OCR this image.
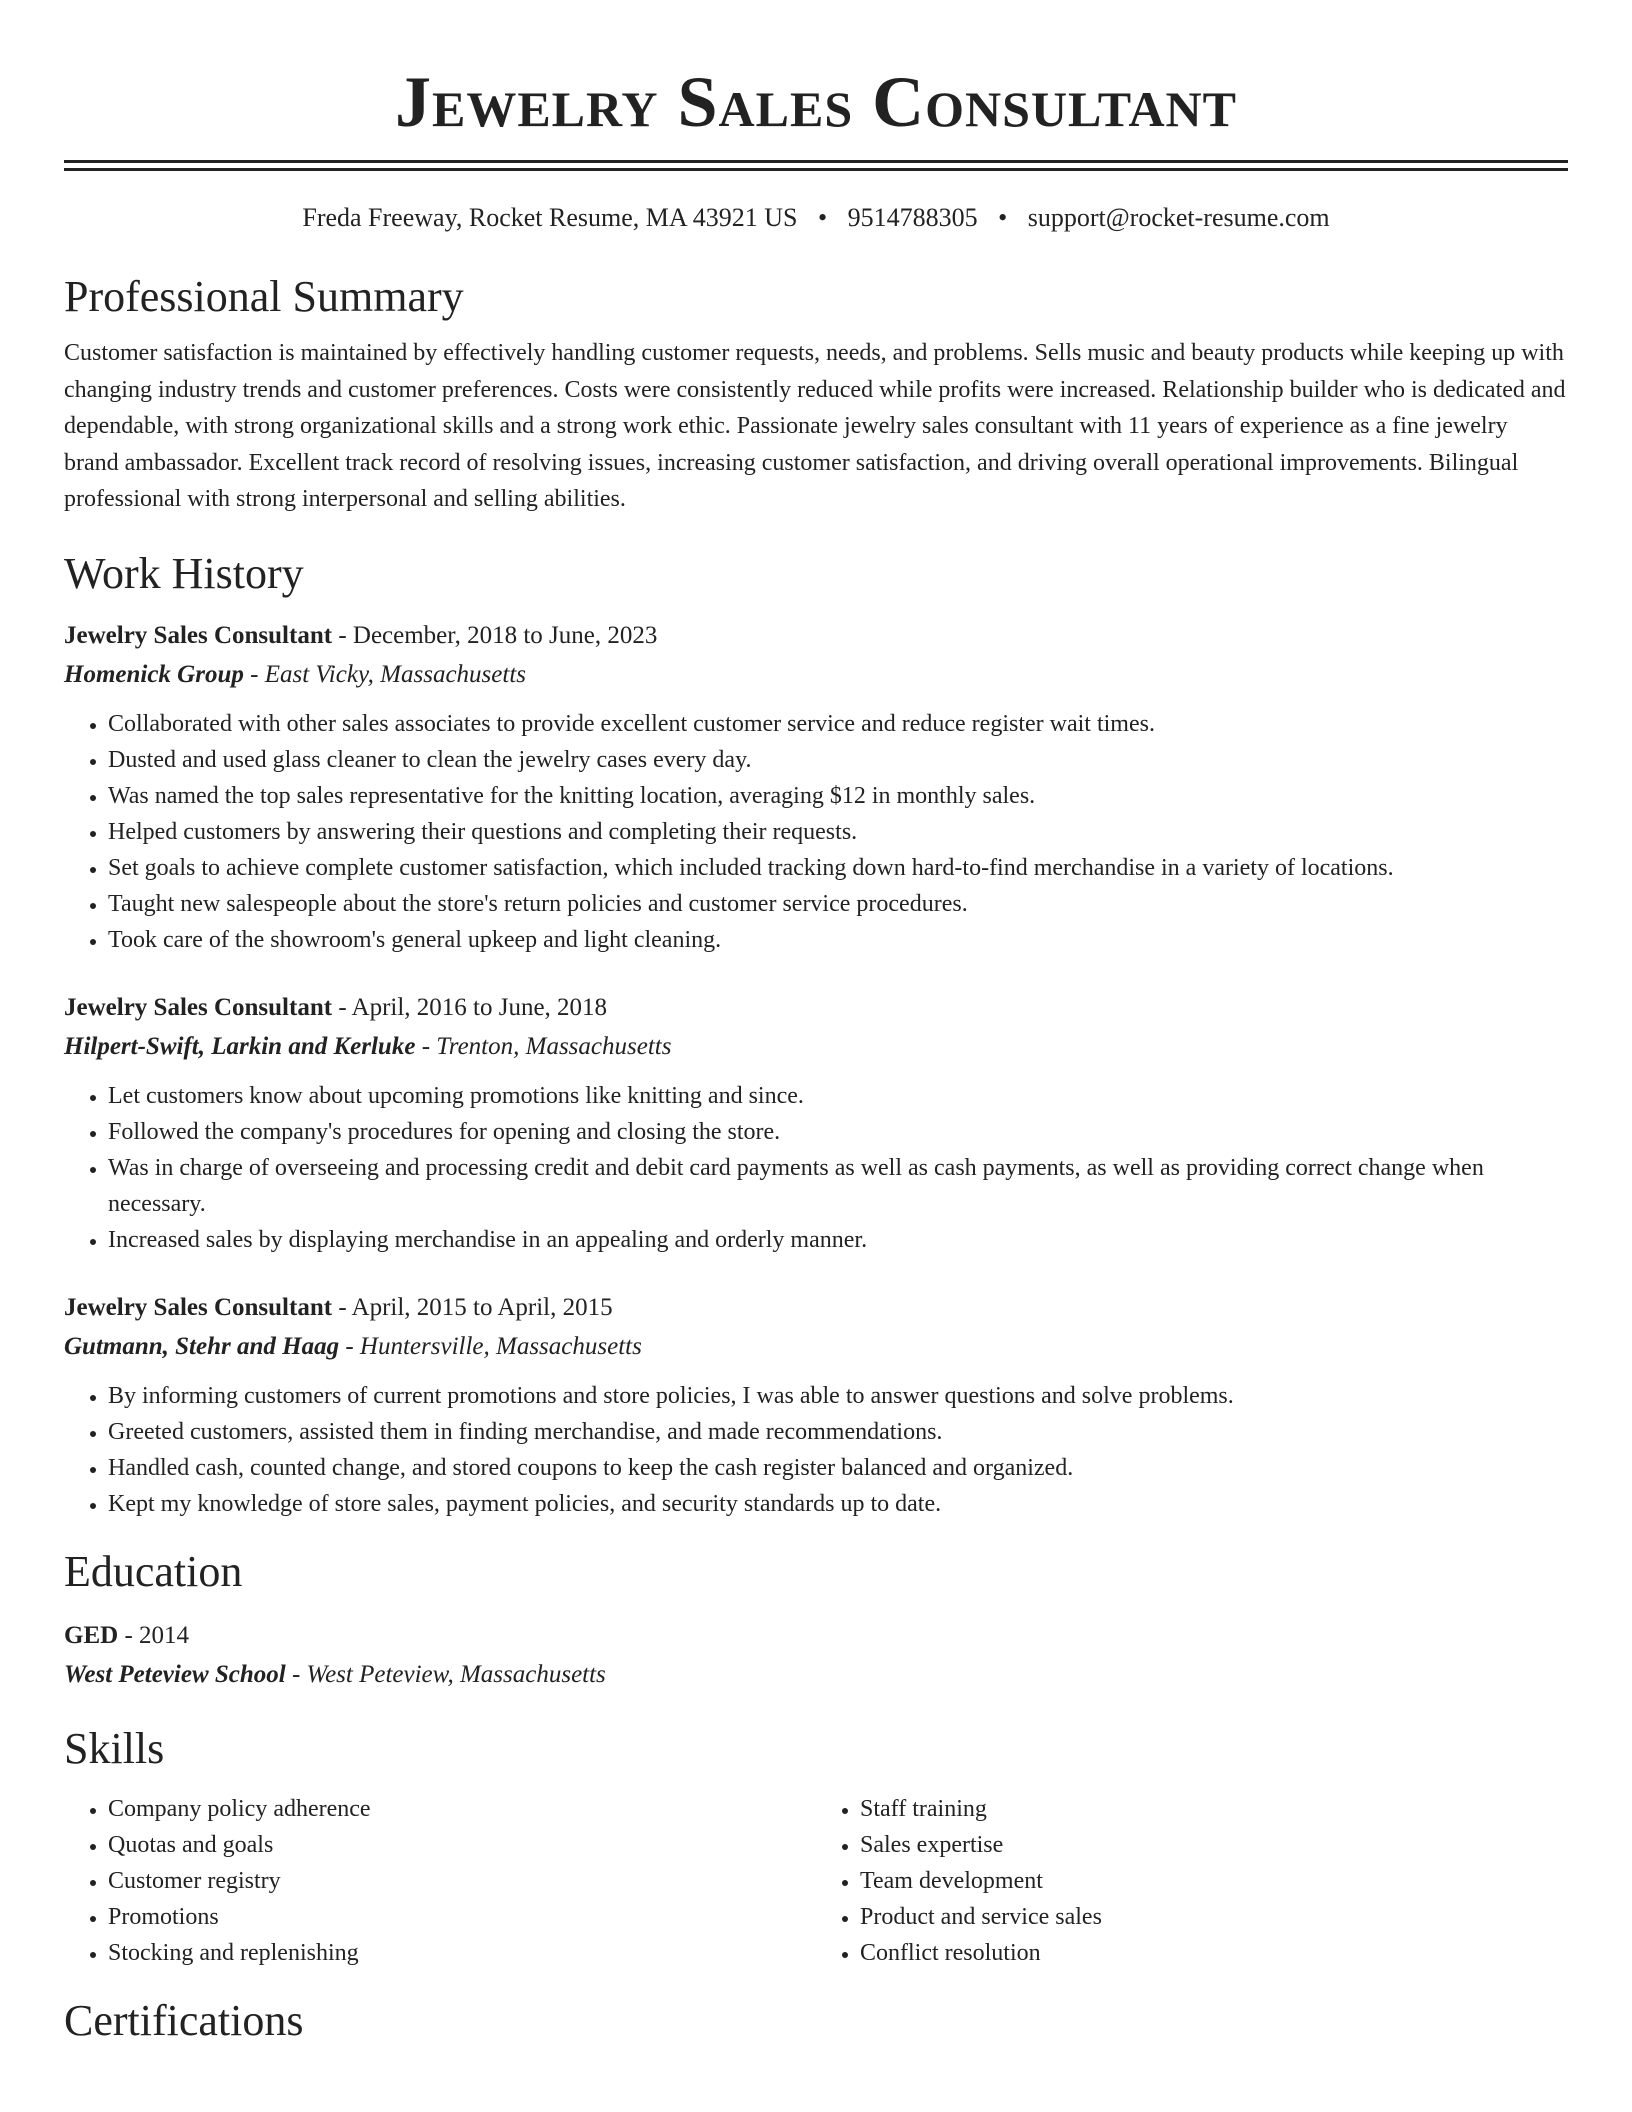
Jewelry Sales Consultant
Freda Freeway, Rocket Resume, MA 43921 US • 9514788305 • support@rocket-resume.com
Professional Summary

Customer satisfaction is maintained by effectively handling customer requests, needs, and problems. Sells music and beauty products while keeping up with changing industry trends and customer preferences. Costs were consistently reduced while profits were increased. Relationship builder who is dedicated and dependable, with strong organizational skills and a strong work ethic. Passionate jewelry sales consultant with 11 years of experience as a fine jewelry brand ambassador. Excellent track record of resolving issues, increasing customer satisfaction, and driving overall operational improvements. Bilingual professional with strong interpersonal and selling abilities.

Work History
Jewelry Sales Consultant - December, 2018 to June, 2023
Homenick Group - East Vicky, Massachusetts
• Collaborated with other sales associates to provide excellent customer service and reduce register wait times.
• Dusted and used glass cleaner to clean the jewelry cases every day.
• Was named the top sales representative for the knitting location, averaging $12 in monthly sales.
• Helped customers by answering their questions and completing their requests.
• Set goals to achieve complete customer satisfaction, which included tracking down hard-to-find merchandise in a variety of locations.
• Taught new salespeople about the store's return policies and customer service procedures.
• Took care of the showroom's general upkeep and light cleaning.
Jewelry Sales Consultant - April, 2016 to June, 2018
Hilpert-Swift, Larkin and Kerluke - Trenton, Massachusetts
• Let customers know about upcoming promotions like knitting and since.
• Followed the company's procedures for opening and closing the store.
• Was in charge of overseeing and processing credit and debit card payments as well as cash payments, as well as providing correct change when necessary.
• Increased sales by displaying merchandise in an appealing and orderly manner.
Jewelry Sales Consultant - April, 2015 to April, 2015
Gutmann, Stehr and Haag - Huntersville, Massachusetts
• By informing customers of current promotions and store policies, I was able to answer questions and solve problems.
• Greeted customers, assisted them in finding merchandise, and made recommendations.
• Handled cash, counted change, and stored coupons to keep the cash register balanced and organized.
• Kept my knowledge of store sales, payment policies, and security standards up to date.
Education
GED - 2014
West Peteview School - West Peteview, Massachusetts
Skills
• Company policy adherence
• Quotas and goals
• Customer registry
• Promotions
• Stocking and replenishing
• Staff training
• Sales expertise
• Team development
• Product and service sales
• Conflict resolution
Certifications
